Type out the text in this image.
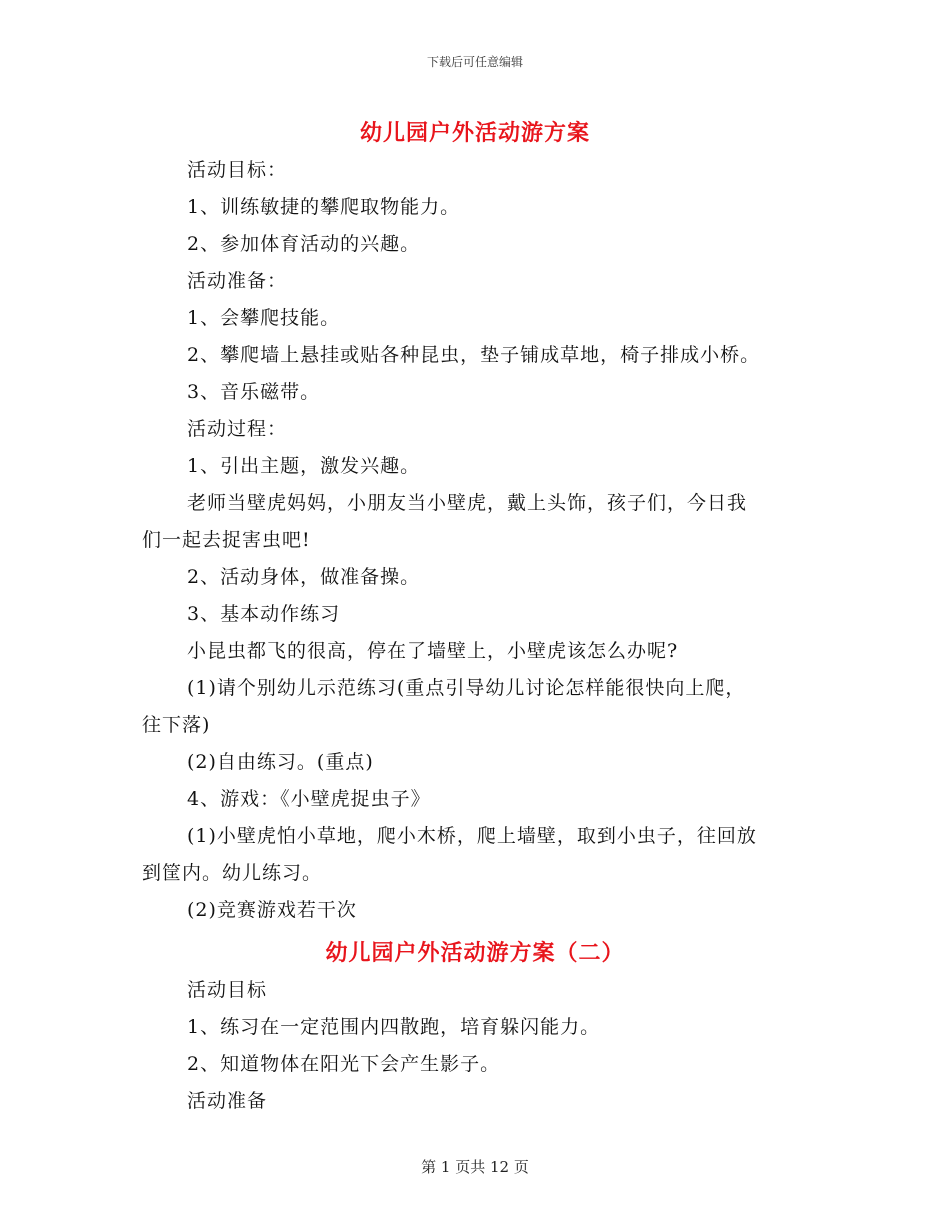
下载后可任意编辑
幼儿园户外活动游方案
活动目标：
1、训练敏捷的攀爬取物能力。
2、参加体育活动的兴趣。
活动准备：
1、会攀爬技能。
2、攀爬墙上悬挂或贴各种昆虫，垫子铺成草地，椅子排成小桥。
3、音乐磁带。
活动过程：
1、引出主题，激发兴趣。
老师当壁虎妈妈，小朋友当小壁虎，戴上头饰，孩子们，今日我
们一起去捉害虫吧!
2、活动身体，做准备操。
3、基本动作练习
小昆虫都飞的很高，停在了墙壁上，小壁虎该怎么办呢?
(1)请个别幼儿示范练习(重点引导幼儿讨论怎样能很快向上爬，
往下落)
(2)自由练习。(重点)
4、游戏：《小壁虎捉虫子》
(1)小壁虎怕小草地，爬小木桥，爬上墙壁，取到小虫子，往回放
到筐内。幼儿练习。
(2)竞赛游戏若干次
幼儿园户外活动游方案（二）
活动目标
1、练习在一定范围内四散跑，培育躲闪能力。
2、知道物体在阳光下会产生影子。
活动准备
第 1 页共 12 页
